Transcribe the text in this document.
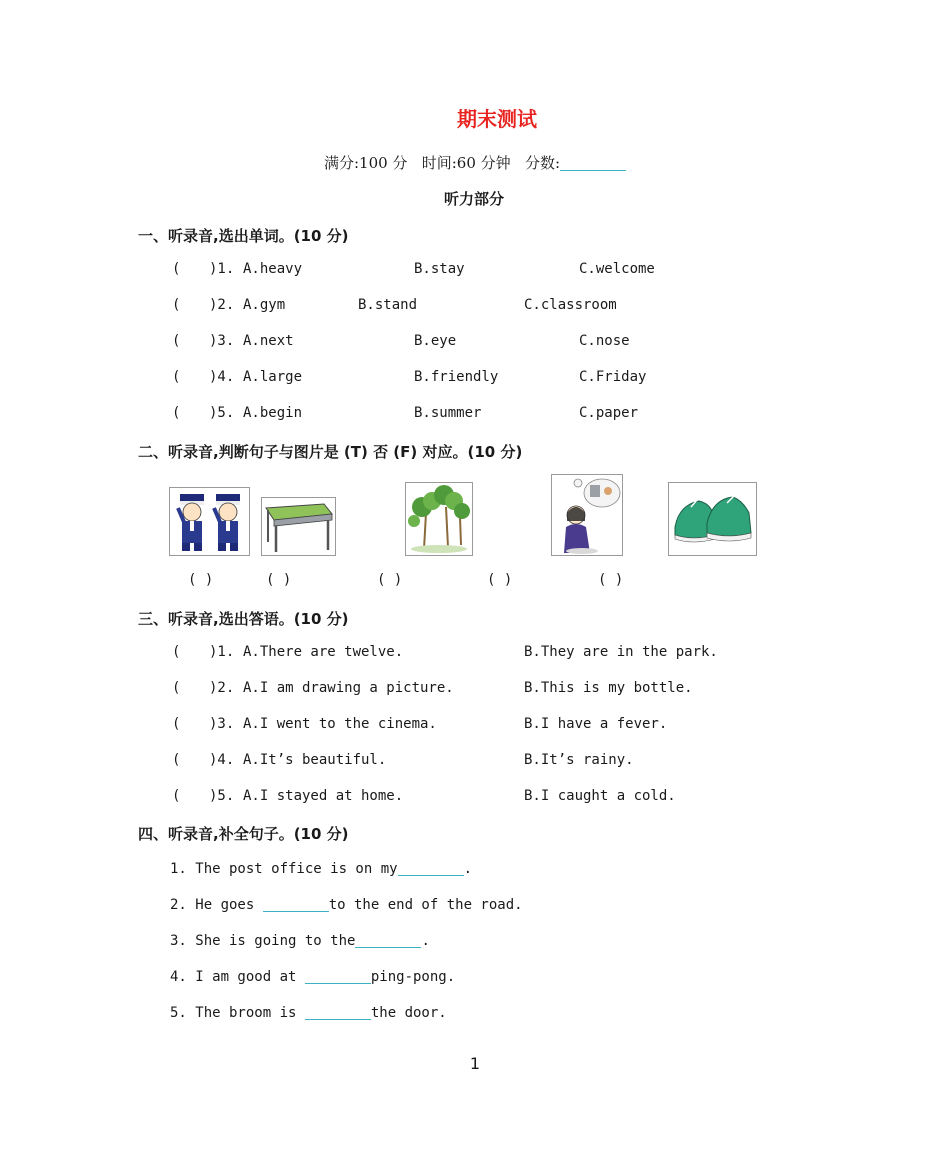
期末测试
满分:100 分 时间:60 分钟 分数:
听力部分
一、听录音,选出单词。(10 分)
( )1. A.heavy	B.stay	C.welcome
( )2. A.gym	B.stand	C.classroom
( )3. A.next	B.eye	C.nose
( )4. A.large	B.friendly	C.Friday
( )5. A.begin	B.summer	C.paper
二、听录音,判断句子与图片是 (T) 否 (F) 对应。(10 分)
( )	( )	( )	( )	( )
三、听录音,选出答语。(10 分)
( )1. A.There are twelve.	B.They are in the park.
( )2. A.I am drawing a picture.	B.This is my bottle.
( )3. A.I went to the cinema.	B.I have a fever.
( )4. A.It’s beautiful.	B.It’s rainy.
( )5. A.I stayed at home.	B.I caught a cold.
四、听录音,补全句子。(10 分)
1. The post office is on my	.
2. He goes	to the end of the road.
3. She is going to the	.
4. I am good at	ping-pong.
5. The broom is	the door.
1
